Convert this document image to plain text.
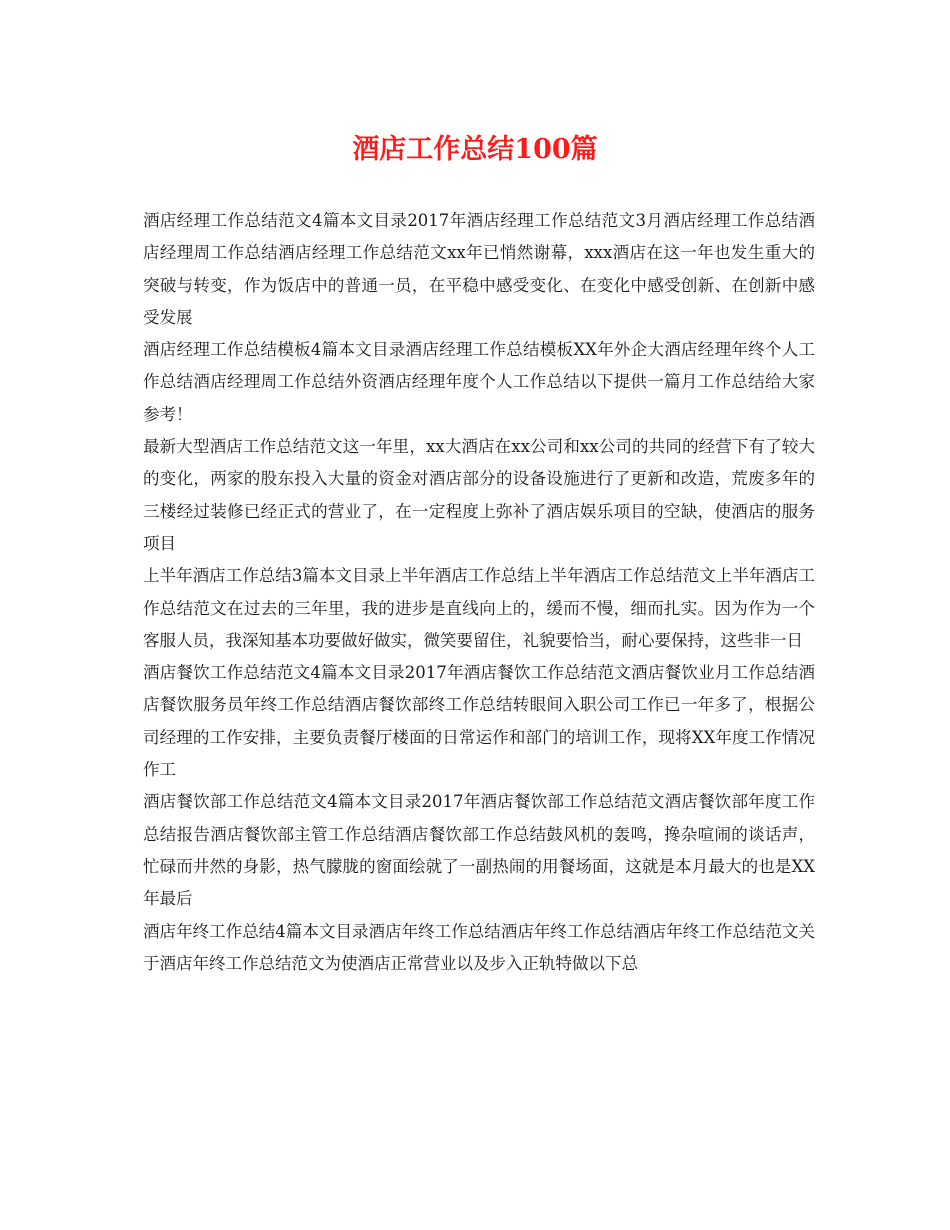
酒店工作总结100篇

酒店经理工作总结范文4篇本文目录2017年酒店经理工作总结范文3月酒店经理工作总结酒店经理周工作总结酒店经理工作总结范文xx年已悄然谢幕，xxx酒店在这一年也发生重大的突破与转变，作为饭店中的普通一员，在平稳中感受变化、在变化中感受创新、在创新中感受发展

酒店经理工作总结模板4篇本文目录酒店经理工作总结模板XX年外企大酒店经理年终个人工作总结酒店经理周工作总结外资酒店经理年度个人工作总结以下提供一篇月工作总结给大家参考！

最新大型酒店工作总结范文这一年里，xx大酒店在xx公司和xx公司的共同的经营下有了较大的变化，两家的股东投入大量的资金对酒店部分的设备设施进行了更新和改造，荒废多年的三楼经过装修已经正式的营业了，在一定程度上弥补了酒店娱乐项目的空缺，使酒店的服务项目

上半年酒店工作总结3篇本文目录上半年酒店工作总结上半年酒店工作总结范文上半年酒店工作总结范文在过去的三年里，我的进步是直线向上的，缓而不慢，细而扎实。因为作为一个客服人员，我深知基本功要做好做实，微笑要留住，礼貌要恰当，耐心要保持，这些非一日

酒店餐饮工作总结范文4篇本文目录2017年酒店餐饮工作总结范文酒店餐饮业月工作总结酒店餐饮服务员年终工作总结酒店餐饮部终工作总结转眼间入职公司工作已一年多了，根据公司经理的工作安排，主要负责餐厅楼面的日常运作和部门的培训工作，现将XX年度工作情况作工

酒店餐饮部工作总结范文4篇本文目录2017年酒店餐饮部工作总结范文酒店餐饮部年度工作总结报告酒店餐饮部主管工作总结酒店餐饮部工作总结鼓风机的轰鸣，搀杂喧闹的谈话声，忙碌而井然的身影，热气朦胧的窗面绘就了一副热闹的用餐场面，这就是本月最大的也是XX年最后

酒店年终工作总结4篇本文目录酒店年终工作总结酒店年终工作总结酒店年终工作总结范文关于酒店年终工作总结范文为使酒店正常营业以及步入正轨特做以下总
